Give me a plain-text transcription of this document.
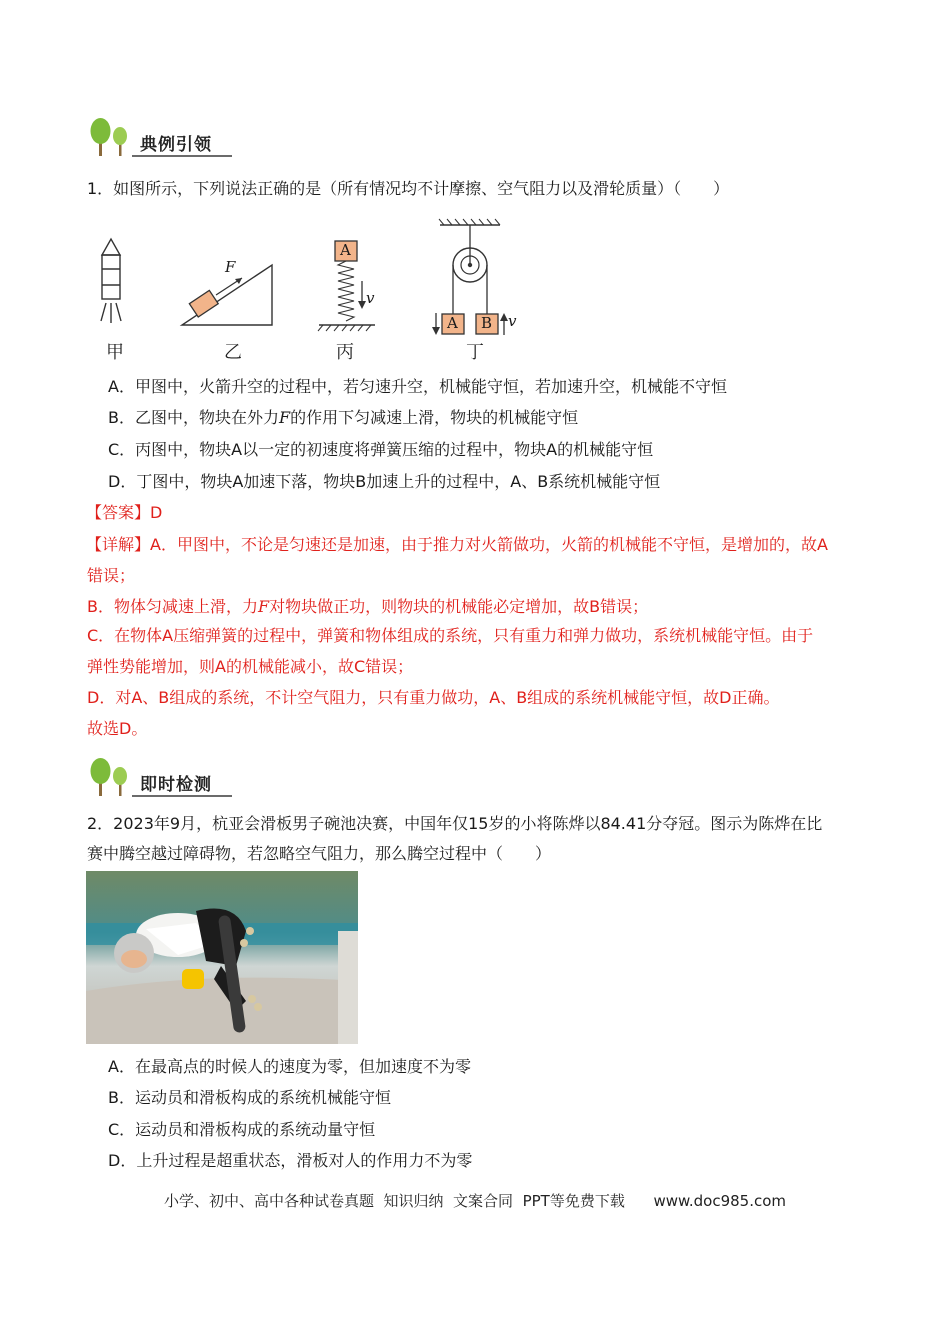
典例引领
1．如图所示，下列说法正确的是（所有情况均不计摩擦、空气阻力以及滑轮质量）（　　）
F
A
v
A B v
甲	乙	丙	丁
A．甲图中，火箭升空的过程中，若匀速升空，机械能守恒，若加速升空，机械能不守恒
B．乙图中，物块在外力F的作用下匀减速上滑，物块的机械能守恒
C．丙图中，物块A以一定的初速度将弹簧压缩的过程中，物块A的机械能守恒
D．丁图中，物块A加速下落，物块B加速上升的过程中，A、B系统机械能守恒
【答案】D
【详解】A．甲图中，不论是匀速还是加速，由于推力对火箭做功，火箭的机械能不守恒，是增加的，故A
错误；
B．物体匀减速上滑，力F对物块做正功，则物块的机械能必定增加，故B错误；
C．在物体A压缩弹簧的过程中，弹簧和物体组成的系统，只有重力和弹力做功，系统机械能守恒。由于
弹性势能增加，则A的机械能减小，故C错误；
D．对A、B组成的系统，不计空气阻力，只有重力做功，A、B组成的系统机械能守恒，故D正确。
故选D。
即时检测
2．2023年9月，杭亚会滑板男子碗池决赛，中国年仅15岁的小将陈烨以84.41分夺冠。图示为陈烨在比
赛中腾空越过障碍物，若忽略空气阻力，那么腾空过程中（　　）
A．在最高点的时候人的速度为零，但加速度不为零
B．运动员和滑板构成的系统机械能守恒
C．运动员和滑板构成的系统动量守恒
D．上升过程是超重状态，滑板对人的作用力不为零
小学、初中、高中各种试卷真题  知识归纳  文案合同  PPT等免费下载      www.doc985.com
